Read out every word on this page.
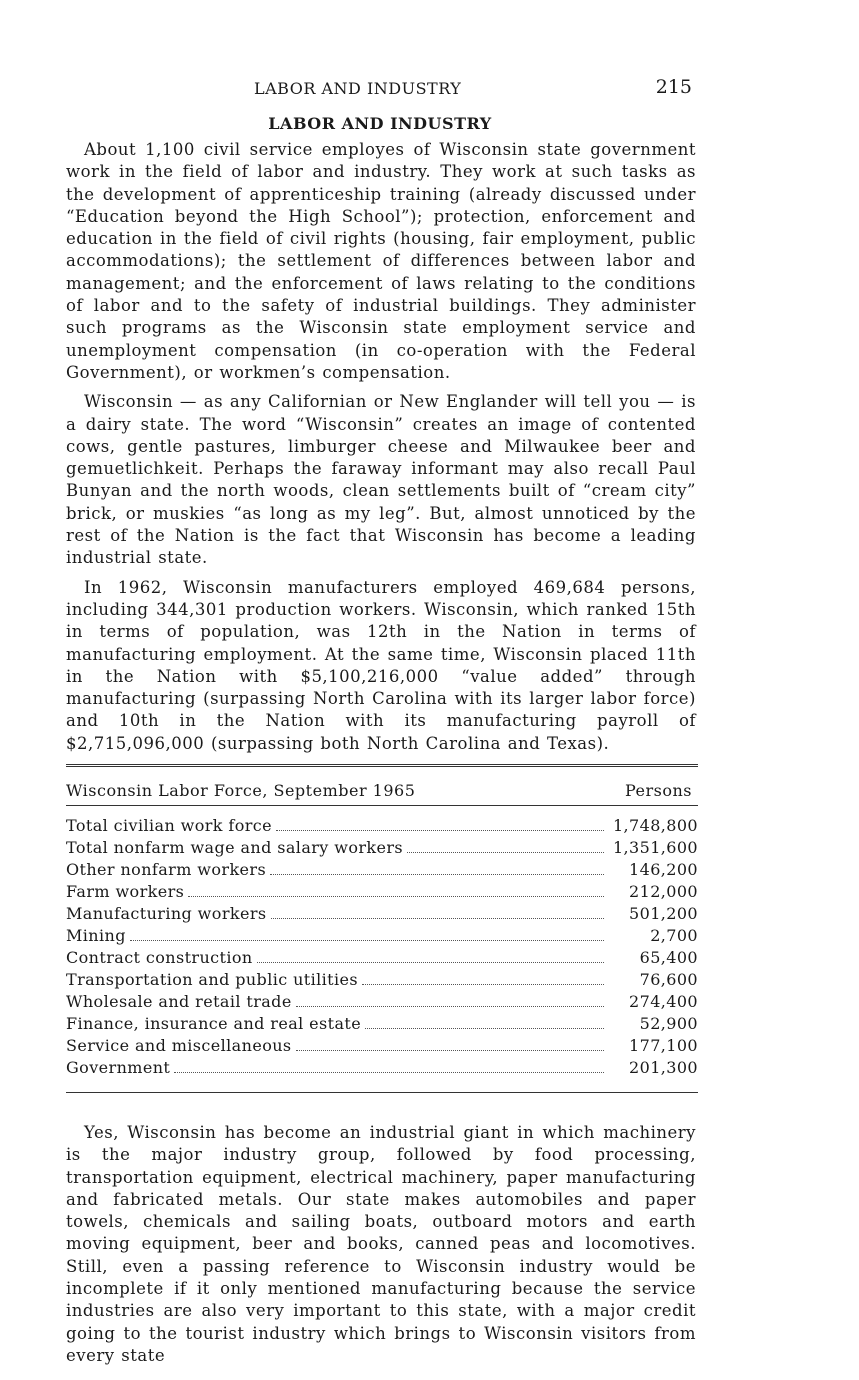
LABOR AND INDUSTRY	215
LABOR AND INDUSTRY

About 1,100 civil service employes of Wisconsin state government work in the field of labor and industry. They work at such tasks as the development of apprenticeship training (already discussed under “Education beyond the High School”); protection, enforcement and education in the field of civil rights (housing, fair employment, public accommodations); the settlement of differences between labor and management; and the enforcement of laws relating to the conditions of labor and to the safety of industrial buildings. They administer such programs as the Wisconsin state employment service and unemployment compensation (in co-operation with the Federal Government), or workmen’s compensation.

Wisconsin — as any Californian or New Englander will tell you — is a dairy state. The word “Wisconsin” creates an image of contented cows, gentle pastures, limburger cheese and Milwaukee beer and gemuetlichkeit. Perhaps the faraway informant may also recall Paul Bunyan and the north woods, clean settlements built of “cream city” brick, or muskies “as long as my leg”. But, almost unnoticed by the rest of the Nation is the fact that Wisconsin has become a leading industrial state.

In 1962, Wisconsin manufacturers employed 469,684 persons, including 344,301 production workers. Wisconsin, which ranked 15th in terms of population, was 12th in the Nation in terms of manufacturing employment. At the same time, Wisconsin placed 11th in the Nation with $5,100,216,000 “value added” through manufacturing (surpassing North Carolina with its larger labor force) and 10th in the Nation with its manufacturing payroll of $2,715,096,000 (surpassing both North Carolina and Texas).

Wisconsin Labor Force, September 1965	Persons
Total civilian work force	1,748,800
Total nonfarm wage and salary workers	1,351,600
Other nonfarm workers	146,200
Farm workers	212,000
Manufacturing workers	501,200
Mining	2,700
Contract construction	65,400
Transportation and public utilities	76,600
Wholesale and retail trade	274,400
Finance, insurance and real estate	52,900
Service and miscellaneous	177,100
Government	201,300

Yes, Wisconsin has become an industrial giant in which machinery is the major industry group, followed by food processing, transportation equipment, electrical machinery, paper manufacturing and fabricated metals. Our state makes automobiles and paper towels, chemicals and sailing boats, outboard motors and earth moving equipment, beer and books, canned peas and locomotives. Still, even a passing reference to Wisconsin industry would be incomplete if it only mentioned manufacturing because the service industries are also very important to this state, with a major credit going to the tourist industry which brings to Wisconsin visitors from every state
